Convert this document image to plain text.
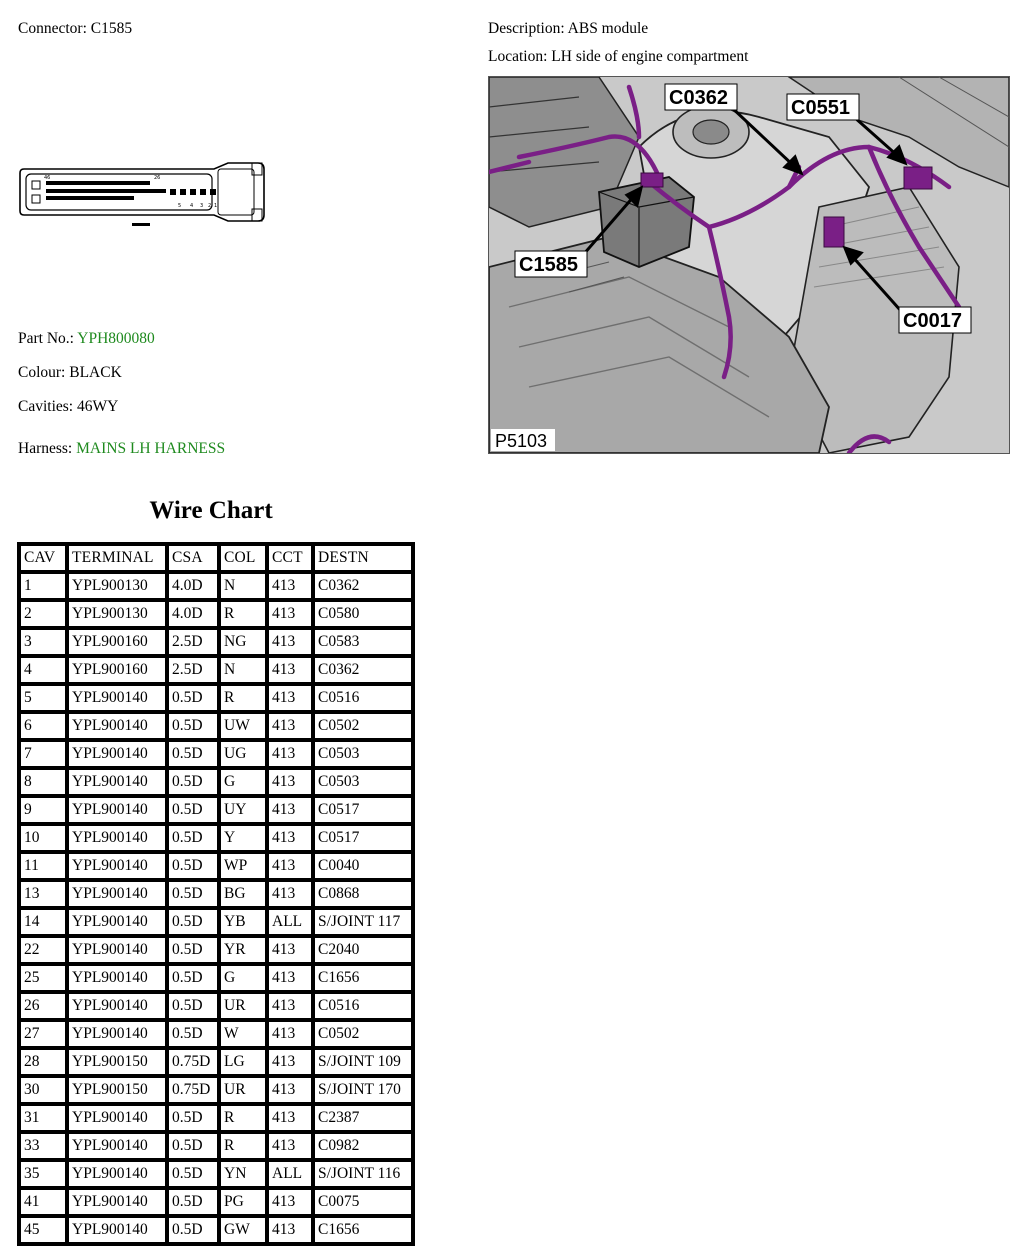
Connector: C1585	Description: ABS module
Location: LH side of engine compartment
46	26
5 4 3 2 1
Part No.: YPH800080
Colour: BLACK
Cavities: 46WY
Harness: MAINS LH HARNESS
C0362	C0551
C1585
C0017
P5103
Wire Chart
CAV	TERMINAL	CSA	COL	CCT	DESTN
1	YPL900130	4.0D	N	413	C0362
2	YPL900130	4.0D	R	413	C0580
3	YPL900160	2.5D	NG	413	C0583
4	YPL900160	2.5D	N	413	C0362
5	YPL900140	0.5D	R	413	C0516
6	YPL900140	0.5D	UW	413	C0502
7	YPL900140	0.5D	UG	413	C0503
8	YPL900140	0.5D	G	413	C0503
9	YPL900140	0.5D	UY	413	C0517
10	YPL900140	0.5D	Y	413	C0517
11	YPL900140	0.5D	WP	413	C0040
13	YPL900140	0.5D	BG	413	C0868
14	YPL900140	0.5D	YB	ALL	S/JOINT 117
22	YPL900140	0.5D	YR	413	C2040
25	YPL900140	0.5D	G	413	C1656
26	YPL900140	0.5D	UR	413	C0516
27	YPL900140	0.5D	W	413	C0502
28	YPL900150	0.75D	LG	413	S/JOINT 109
30	YPL900150	0.75D	UR	413	S/JOINT 170
31	YPL900140	0.5D	R	413	C2387
33	YPL900140	0.5D	R	413	C0982
35	YPL900140	0.5D	YN	ALL	S/JOINT 116
41	YPL900140	0.5D	PG	413	C0075
45	YPL900140	0.5D	GW	413	C1656
